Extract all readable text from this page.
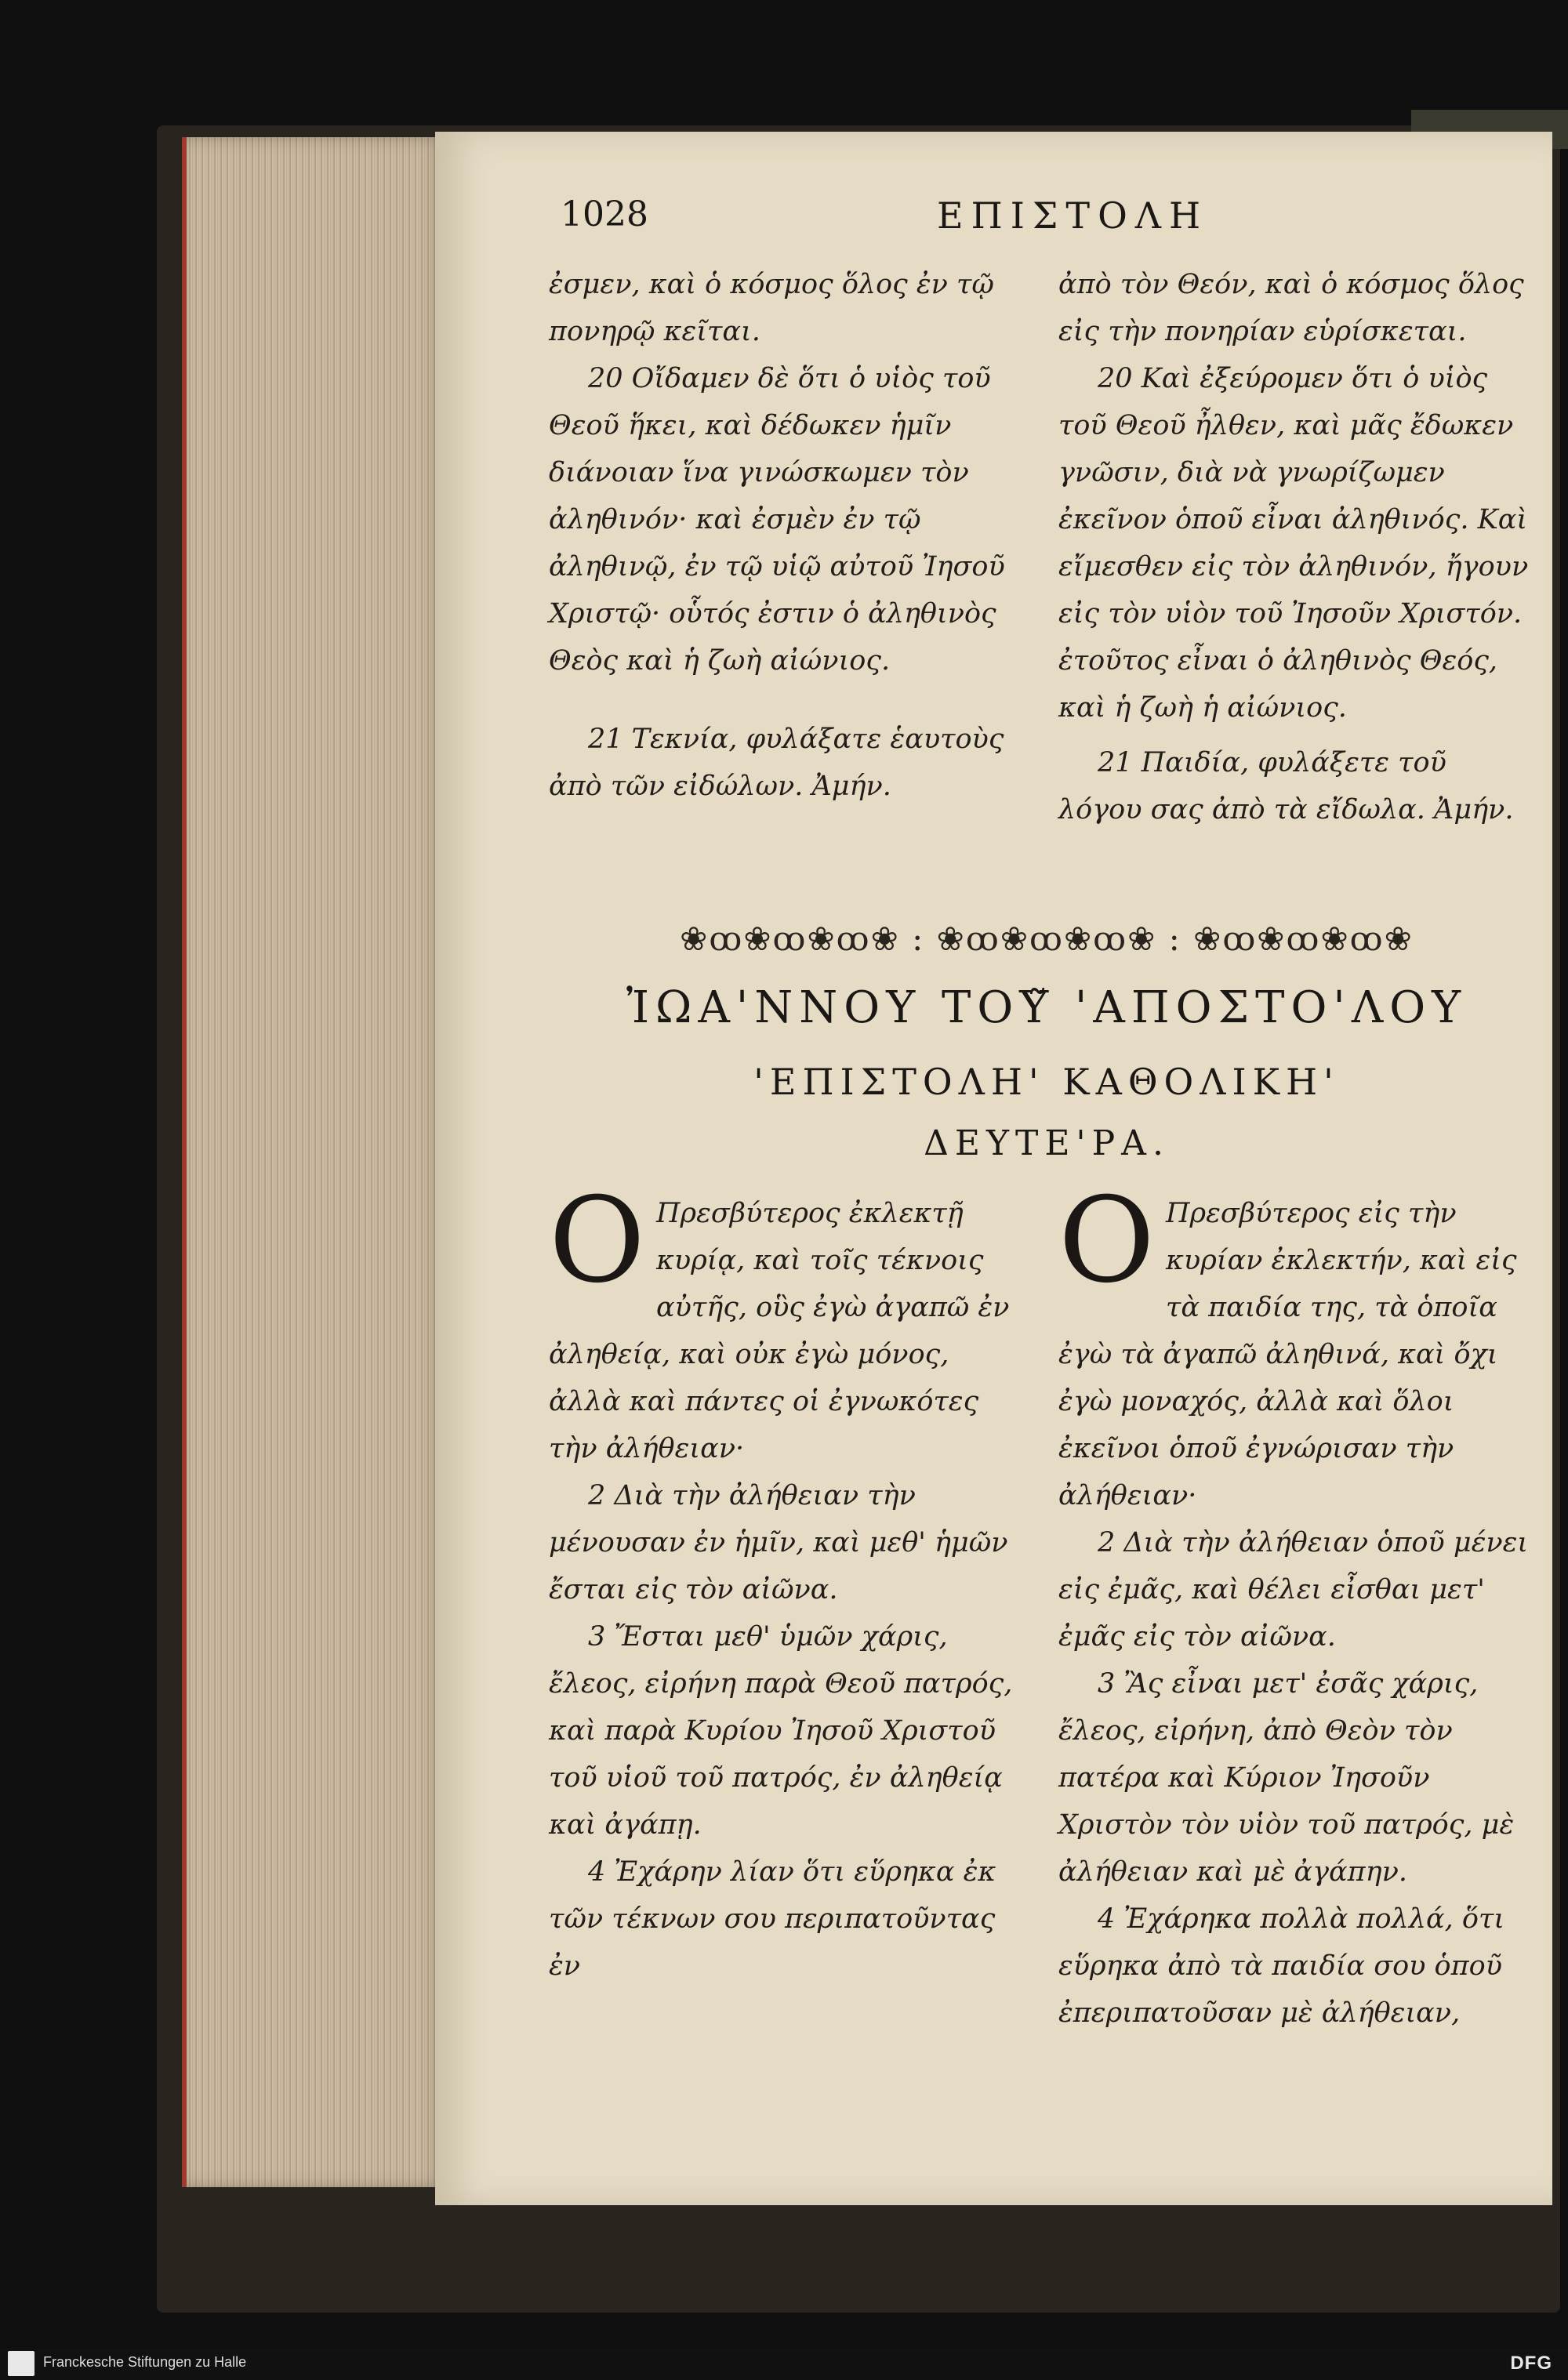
1028	ΕΠΙΣΤΟΛΗ

ἐσμεν, καὶ ὁ κόσμος ὅλος ἐν τῷ πονηρῷ κεῖται.

20 Οἴδαμεν δὲ ὅτι ὁ υἱὸς τοῦ Θεοῦ ἥκει, καὶ δέδωκεν ἡμῖν διάνοιαν ἵνα γινώσκωμεν τὸν ἀληθινόν· καὶ ἐσμὲν ἐν τῷ ἀληθινῷ, ἐν τῷ υἱῷ αὐτοῦ Ἰησοῦ Χριστῷ· οὗτός ἐστιν ὁ ἀληθινὸς Θεὸς καὶ ἡ ζωὴ αἰώνιος.

21 Τεκνία, φυλάξατε ἑαυτοὺς ἀπὸ τῶν εἰδώλων. Ἀμήν.

ἀπὸ τὸν Θεόν, καὶ ὁ κόσμος ὅλος εἰς τὴν πονηρίαν εὑρίσκεται.

20 Καὶ ἐξεύρομεν ὅτι ὁ υἱὸς τοῦ Θεοῦ ἦλθεν, καὶ μᾶς ἔδωκεν γνῶσιν, διὰ νὰ γνωρίζωμεν ἐκεῖνον ὁποῦ εἶναι ἀληθινός. Καὶ εἴμεσθεν εἰς τὸν ἀληθινόν, ἤγουν εἰς τὸν υἱὸν τοῦ Ἰησοῦν Χριστόν. ἐτοῦτος εἶναι ὁ ἀληθινὸς Θεός, καὶ ἡ ζωὴ ἡ αἰώνιος.

21 Παιδία, φυλάξετε τοῦ λόγου σας ἀπὸ τὰ εἴδωλα. Ἀμήν.

❀ꝏ❀ꝏ❀ꝏ❀ : ❀ꝏ❀ꝏ❀ꝏ❀ : ❀ꝏ❀ꝏ❀ꝏ❀
ἸΩΑ'ΝΝΟΥ ΤΟΥ̃ 'ΑΠΟΣΤΟ'ΛΟΥ
'ΕΠΙΣΤΟΛΗ' ΚΑΘΟΛΙΚΗ'
ΔΕΥΤΕ'ΡΑ.

Ο Πρεσβύτερος ἐκλεκτῇ κυρίᾳ, καὶ τοῖς τέκνοις αὐτῆς, οὓς ἐγὼ ἀγαπῶ ἐν ἀληθείᾳ, καὶ οὐκ ἐγὼ μόνος, ἀλλὰ καὶ πάντες οἱ ἐγνωκότες τὴν ἀλήθειαν·

2 Διὰ τὴν ἀλήθειαν τὴν μένουσαν ἐν ἡμῖν, καὶ μεθ' ἡμῶν ἔσται εἰς τὸν αἰῶνα.

3 Ἔσται μεθ' ὑμῶν χάρις, ἔλεος, εἰρήνη παρὰ Θεοῦ πατρός, καὶ παρὰ Κυρίου Ἰησοῦ Χριστοῦ τοῦ υἱοῦ τοῦ πατρός, ἐν ἀληθείᾳ καὶ ἀγάπῃ.

4 Ἐχάρην λίαν ὅτι εὕρηκα ἐκ τῶν τέκνων σου περιπατοῦντας ἐν

Ο Πρεσβύτερος εἰς τὴν κυρίαν ἐκλεκτήν, καὶ εἰς τὰ παιδία της, τὰ ὁποῖα ἐγὼ τὰ ἀγαπῶ ἀληθινά, καὶ ὄχι ἐγὼ μοναχός, ἀλλὰ καὶ ὅλοι ἐκεῖνοι ὁποῦ ἐγνώρισαν τὴν ἀλήθειαν·

2 Διὰ τὴν ἀλήθειαν ὁποῦ μένει εἰς ἐμᾶς, καὶ θέλει εἶσθαι μετ' ἐμᾶς εἰς τὸν αἰῶνα.

3 Ἂς εἶναι μετ' ἐσᾶς χάρις, ἔλεος, εἰρήνη, ἀπὸ Θεὸν τὸν πατέρα καὶ Κύριον Ἰησοῦν Χριστὸν τὸν υἱὸν τοῦ πατρός, μὲ ἀλήθειαν καὶ μὲ ἀγάπην.

4 Ἐχάρηκα πολλὰ πολλά, ὅτι εὕρηκα ἀπὸ τὰ παιδία σου ὁποῦ ἐπεριπατοῦσαν μὲ ἀλήθειαν,

Franckesche Stiftungen zu Halle	DFG
